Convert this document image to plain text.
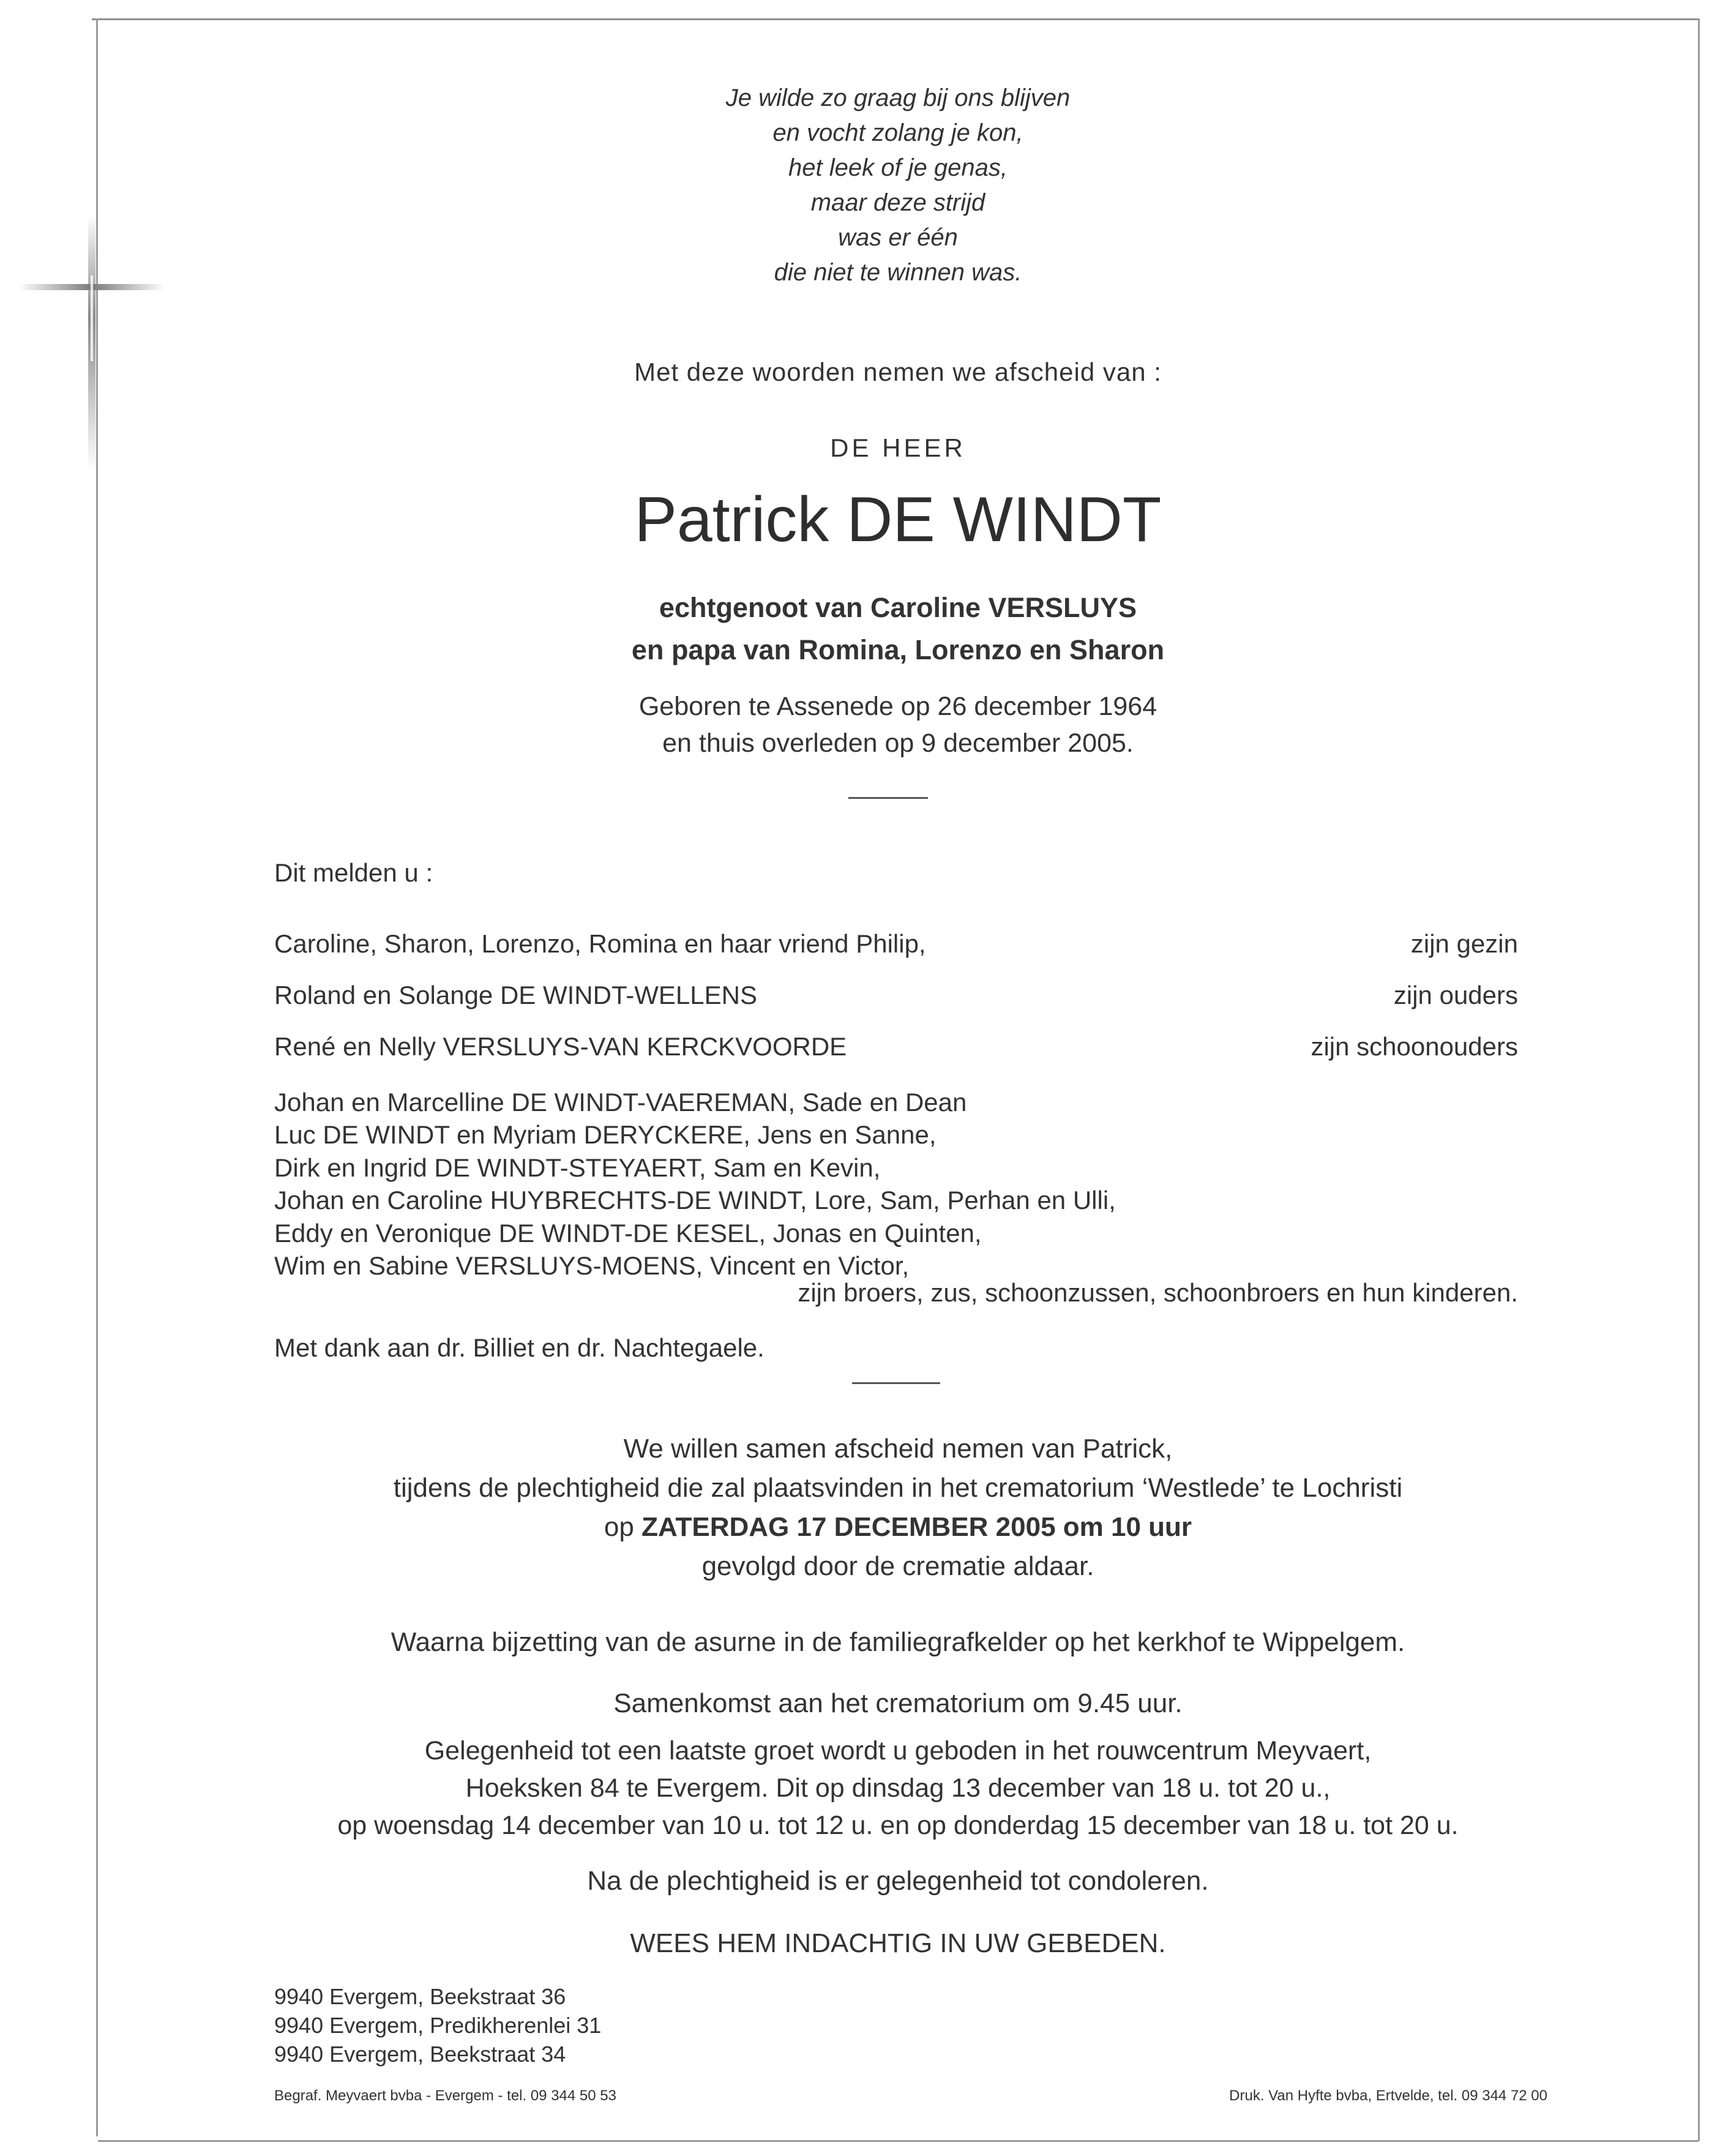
Je wilde zo graag bij ons blijven
en vocht zolang je kon,
het leek of je genas,
maar deze strijd
was er één
die niet te winnen was.
Met deze woorden nemen we afscheid van :
DE HEER
Patrick DE WINDT
echtgenoot van Caroline VERSLUYS
en papa van Romina, Lorenzo en Sharon
Geboren te Assenede op 26 december 1964
en thuis overleden op 9 december 2005.
Dit melden u :
Caroline, Sharon, Lorenzo, Romina en haar vriend Philip,	zijn gezin
Roland en Solange DE WINDT-WELLENS	zijn ouders
René en Nelly VERSLUYS-VAN KERCKVOORDE	zijn schoonouders
Johan en Marcelline DE WINDT-VAEREMAN, Sade en Dean
Luc DE WINDT en Myriam DERYCKERE, Jens en Sanne,
Dirk en Ingrid DE WINDT-STEYAERT, Sam en Kevin,
Johan en Caroline HUYBRECHTS-DE WINDT, Lore, Sam, Perhan en Ulli,
Eddy en Veronique DE WINDT-DE KESEL, Jonas en Quinten,
Wim en Sabine VERSLUYS-MOENS, Vincent en Victor,
zijn broers, zus, schoonzussen, schoonbroers en hun kinderen.
Met dank aan dr. Billiet en dr. Nachtegaele.
We willen samen afscheid nemen van Patrick,
tijdens de plechtigheid die zal plaatsvinden in het crematorium ‘Westlede’ te Lochristi
op ZATERDAG 17 DECEMBER 2005 om 10 uur
gevolgd door de crematie aldaar.
Waarna bijzetting van de asurne in de familiegrafkelder op het kerkhof te Wippelgem.
Samenkomst aan het crematorium om 9.45 uur.
Gelegenheid tot een laatste groet wordt u geboden in het rouwcentrum Meyvaert,
Hoeksken 84 te Evergem. Dit op dinsdag 13 december van 18 u. tot 20 u.,
op woensdag 14 december van 10 u. tot 12 u. en op donderdag 15 december van 18 u. tot 20 u.
Na de plechtigheid is er gelegenheid tot condoleren.
WEES HEM INDACHTIG IN UW GEBEDEN.
9940 Evergem, Beekstraat 36
9940 Evergem, Predikherenlei 31
9940 Evergem, Beekstraat 34
Begraf. Meyvaert bvba - Evergem - tel. 09 344 50 53	Druk. Van Hyfte bvba, Ertvelde, tel. 09 344 72 00
